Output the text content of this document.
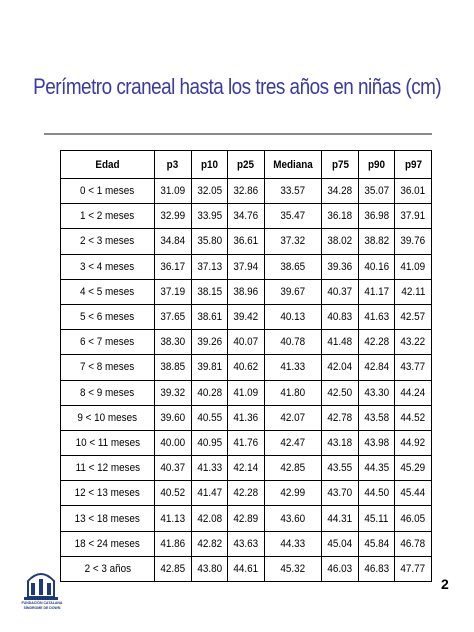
Perímetro craneal hasta los tres años en niñas (cm)
Edad	p3	p10	p25	Mediana	p75	p90	p97
0 < 1 meses	31.09	32.05	32.86	33.57	34.28	35.07	36.01
1 < 2 meses	32.99	33.95	34.76	35.47	36.18	36.98	37.91
2 < 3 meses	34.84	35.80	36.61	37.32	38.02	38.82	39.76
3 < 4 meses	36.17	37.13	37.94	38.65	39.36	40.16	41.09
4 < 5 meses	37.19	38.15	38.96	39.67	40.37	41.17	42.11
5 < 6 meses	37.65	38.61	39.42	40.13	40.83	41.63	42.57
6 < 7 meses	38.30	39.26	40.07	40.78	41.48	42.28	43.22
7 < 8 meses	38.85	39.81	40.62	41.33	42.04	42.84	43.77
8 < 9 meses	39.32	40.28	41.09	41.80	42.50	43.30	44.24
9 < 10 meses	39.60	40.55	41.36	42.07	42.78	43.58	44.52
10 < 11 meses	40.00	40.95	41.76	42.47	43.18	43.98	44.92
11 < 12 meses	40.37	41.33	42.14	42.85	43.55	44.35	45.29
12 < 13 meses	40.52	41.47	42.28	42.99	43.70	44.50	45.44
13 < 18 meses	41.13	42.08	42.89	43.60	44.31	45.11	46.05
18 < 24 meses	41.86	42.82	43.63	44.33	45.04	45.84	46.78
2 < 3 años	42.85	43.80	44.61	45.32	46.03	46.83	47.77
FUNDACIÓN CATALANA
SÍNDROME DE DOWN
2
